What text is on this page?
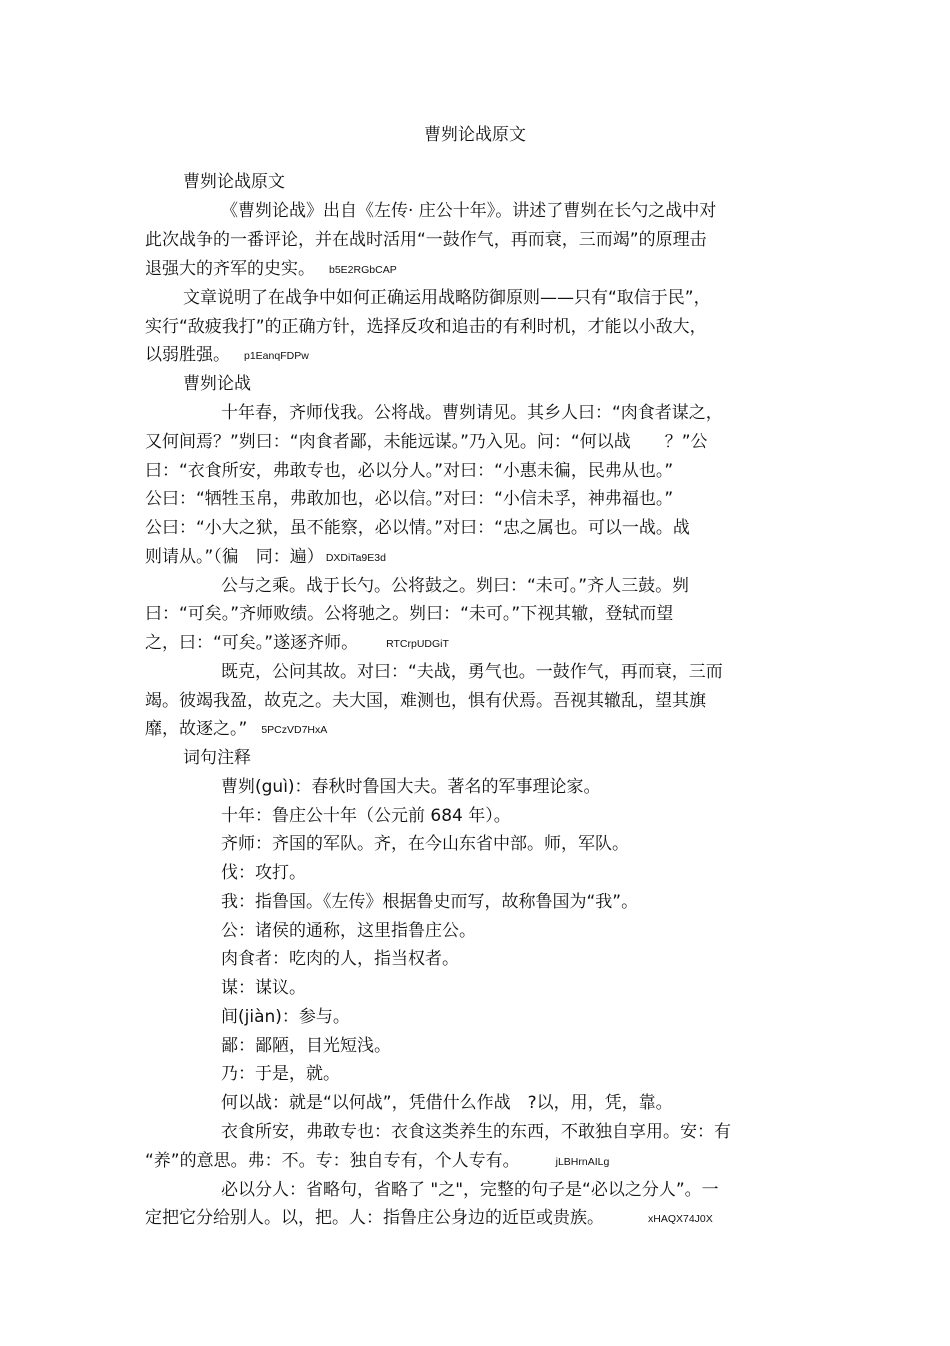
曹刿论战原文
曹刿论战原文
《曹刿论战》出自《左传· 庄公十年》。讲述了曹刿在长勺之战中对
此次战争的一番评论，并在战时活用“一鼓作气，再而衰，三而竭”的原理击
退强大的齐军的史实。 b5E2RGbCAP
文章说明了在战争中如何正确运用战略防御原则——只有“取信于民”，
实行“敌疲我打”的正确方针，选择反攻和追击的有利时机，才能以小敌大，
以弱胜强。 p1EanqFDPw
曹刿论战
十年春，齐师伐我。公将战。曹刿请见。其乡人曰：“肉食者谋之，
又何间焉？”刿曰：“肉食者鄙，未能远谋。”乃入见。问：“何以战　　？”公
曰：“衣食所安，弗敢专也，必以分人。”对曰：“小惠未徧，民弗从也。”
公曰：“牺牲玉帛，弗敢加也，必以信。”对曰：“小信未孚，神弗福也。”
公曰：“小大之狱，虽不能察，必以情。”对曰：“忠之属也。可以一战。战
则请从。”（徧　同：遍） DXDiTa9E3d
公与之乘。战于长勺。公将鼓之。刿曰：“未可。”齐人三鼓。刿
曰：“可矣。”齐师败绩。公将驰之。刿曰：“未可。”下视其辙，登轼而望
之，曰：“可矣。”遂逐齐师。	RTCrpUDGiT
既克，公问其故。对曰：“夫战，勇气也。一鼓作气，再而衰，三而
竭。彼竭我盈，故克之。夫大国，难测也，惧有伏焉。吾视其辙乱，望其旗
靡，故逐之。” 5PCzVD7HxA
词句注释
曹刿(guì)：春秋时鲁国大夫。著名的军事理论家。
十年：鲁庄公十年（公元前 684 年）。
齐师：齐国的军队。齐，在今山东省中部。师，军队。
伐：攻打。
我：指鲁国。《左传》根据鲁史而写，故称鲁国为“我”。
公：诸侯的通称，这里指鲁庄公。
肉食者：吃肉的人，指当权者。
谋：谋议。
间(jiàn)：参与。
鄙：鄙陋，目光短浅。
乃：于是，就。
何以战：就是“以何战”，凭借什么作战　?以，用，凭，靠。
衣食所安，弗敢专也：衣食这类养生的东西，不敢独自享用。安：有
“养”的意思。弗：不。专：独自专有，个人专有。	jLBHrnAILg
必以分人：省略句，省略了 "之"，完整的句子是“必以之分人”。一
定把它分给别人。以，把。人：指鲁庄公身边的近臣或贵族。	xHAQX74J0X
